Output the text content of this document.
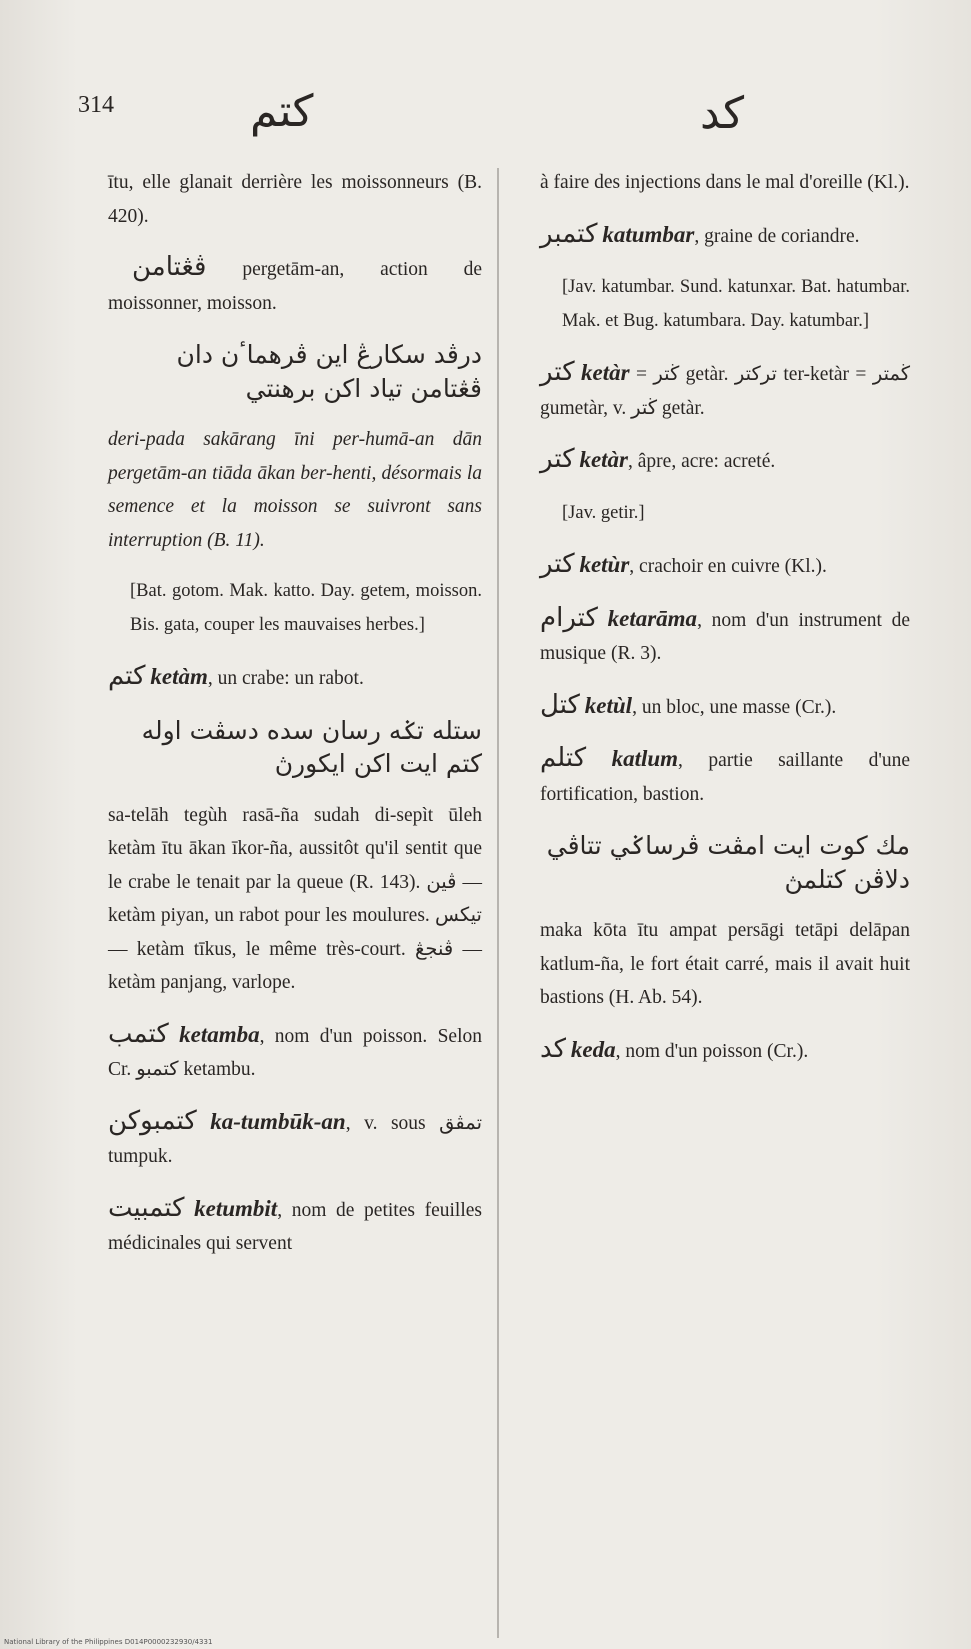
314	كتم	كد

ītu, elle glanait derrière les moissonneurs (B. 420).

ڤڠتامن pergetām-an, action de moissonner, moisson.

درڤد سكارڠ اين ڤرهماٴن دان ڤڠتامن تياد اكن برهنتي

deri-pada sakārang īni per-humā-an dān pergetām-an tiāda ākan ber-henti, désormais la semence et la moisson se suivront sans interruption (B. 11).

[Bat. gotom. Mak. katto. Day. getem, moisson. Bis. gata, couper les mauvaises herbes.]

كتم ketàm, un crabe: un rabot.

ستله تݢه رسان سده دسڤت اوله كتم ايت اكن ايكورڽ

sa-telāh tegùh rasā-ña sudah di-sepìt ūleh ketàm ītu ākan īkor-ña, aussitôt qu'il sentit que le crabe le tenait par la queue (R. 143). ڤين — ketàm piyan, un rabot pour les moulures. تيكس — ketàm tīkus, le même très-court. ڤنجڠ — ketàm panjang, varlope.

كتمب ketamba, nom d'un poisson. Selon Cr. كتمبو ketambu.

كتمبوكن ka-tumbūk-an, v. sous تمڤق tumpuk.

كتمبيت ketumbit, nom de petites feuilles médicinales qui servent

à faire des injections dans le mal d'oreille (Kl.).

كتمبر katumbar, graine de coriandre.

[Jav. katumbar. Sund. katunxar. Bat. hatumbar. Mak. et Bug. katumbara. Day. katumbar.]

كتر ketàr = ڬتر getàr. ترکتر ter-ketàr = ڬمتر gumetàr, v. ڬتر getàr.

كتر ketàr, âpre, acre: acreté.

[Jav. getir.]

كتر ketùr, crachoir en cuivre (Kl.).

كترام ketarāma, nom d'un instrument de musique (R. 3).

كتل ketùl, un bloc, une masse (Cr.).

كتلم katlum, partie saillante d'une fortification, bastion.

مك كوت ايت امڤت ڤرساݢي تتاڤي دلاڤن كتلمڽ

maka kōta ītu ampat persāgi tetāpi delāpan katlum-ña, le fort était carré, mais il avait huit bastions (H. Ab. 54).

كد keda, nom d'un poisson (Cr.).

National Library of the Philippines D014P0000232930/4331
